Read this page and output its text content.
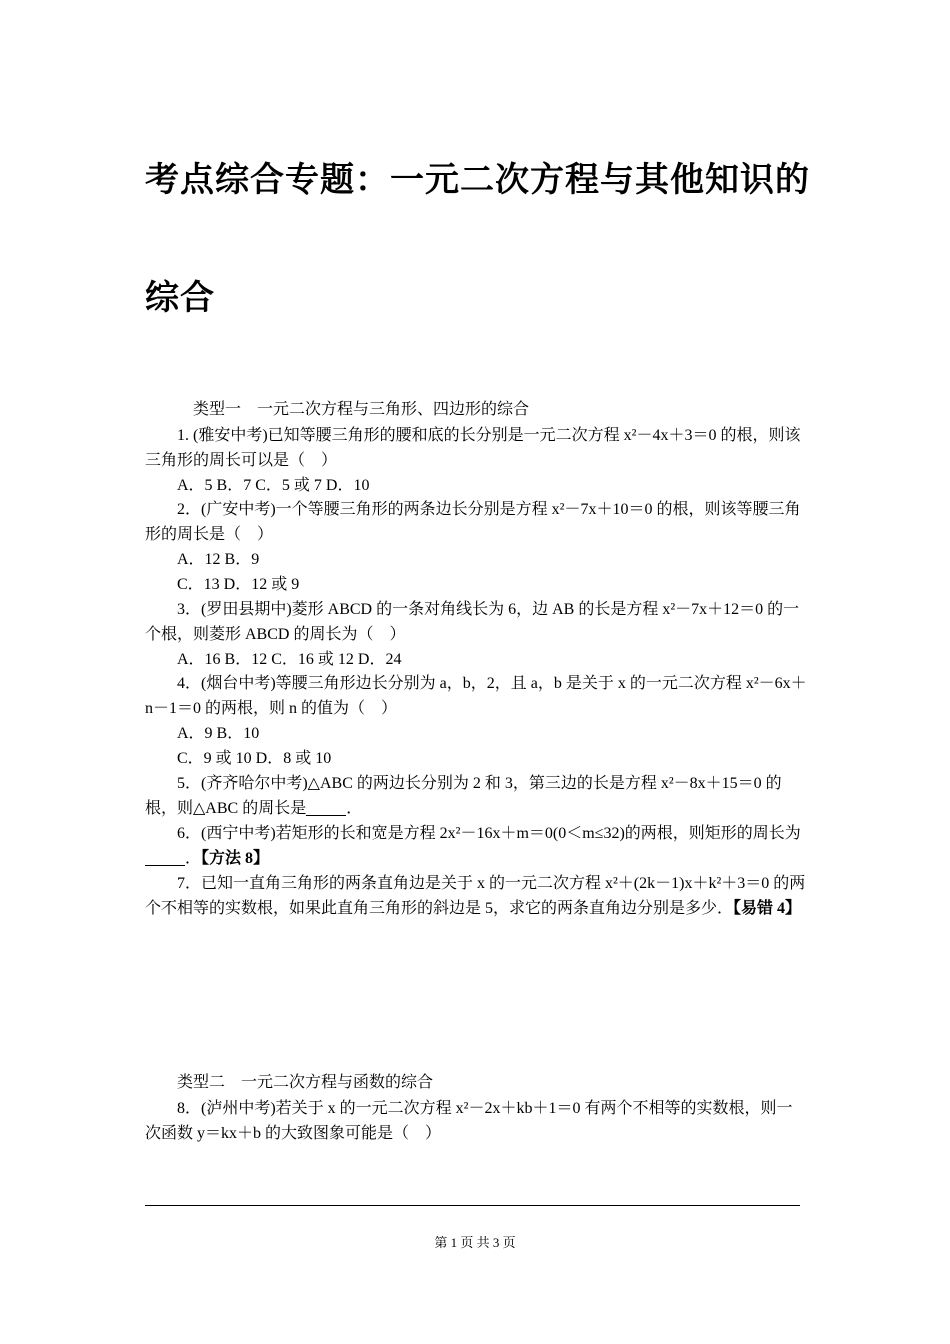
考点综合专题：一元二次方程与其他知识的
综合
类型一　一元二次方程与三角形、四边形的综合
1. (雅安中考)已知等腰三角形的腰和底的长分别是一元二次方程 x²－4x＋3＝0 的根，则该三角形的周长可以是（　）
A．5 B．7 C．5 或 7 D．10
2．(广安中考)一个等腰三角形的两条边长分别是方程 x²－7x＋10＝0 的根，则该等腰三角形的周长是（　）
A．12 B．9
C．13 D．12 或 9
3．(罗田县期中)菱形 ABCD 的一条对角线长为 6，边 AB 的长是方程 x²－7x＋12＝0 的一个根，则菱形 ABCD 的周长为（　）
A．16 B．12 C．16 或 12 D．24
4．(烟台中考)等腰三角形边长分别为 a，b，2，且 a，b 是关于 x 的一元二次方程 x²－6x＋n－1＝0 的两根，则 n 的值为（　）
A．9 B．10
C．9 或 10 D．8 或 10
5．(齐齐哈尔中考)△ABC 的两边长分别为 2 和 3，第三边的长是方程 x²－8x＋15＝0 的根，则△ABC 的周长是	．
6．(西宁中考)若矩形的长和宽是方程 2x²－16x＋m＝0(0＜m≤32)的两根，则矩形的周长为．【方法 8】
7．已知一直角三角形的两条直角边是关于 x 的一元二次方程 x²＋(2k－1)x＋k²＋3＝0 的两个不相等的实数根，如果此直角三角形的斜边是 5，求它的两条直角边分别是多少．【易错 4】
类型二　一元二次方程与函数的综合
8．(泸州中考)若关于 x 的一元二次方程 x²－2x＋kb＋1＝0 有两个不相等的实数根，则一次函数 y＝kx＋b 的大致图象可能是（　）
第 1 页 共 3 页
